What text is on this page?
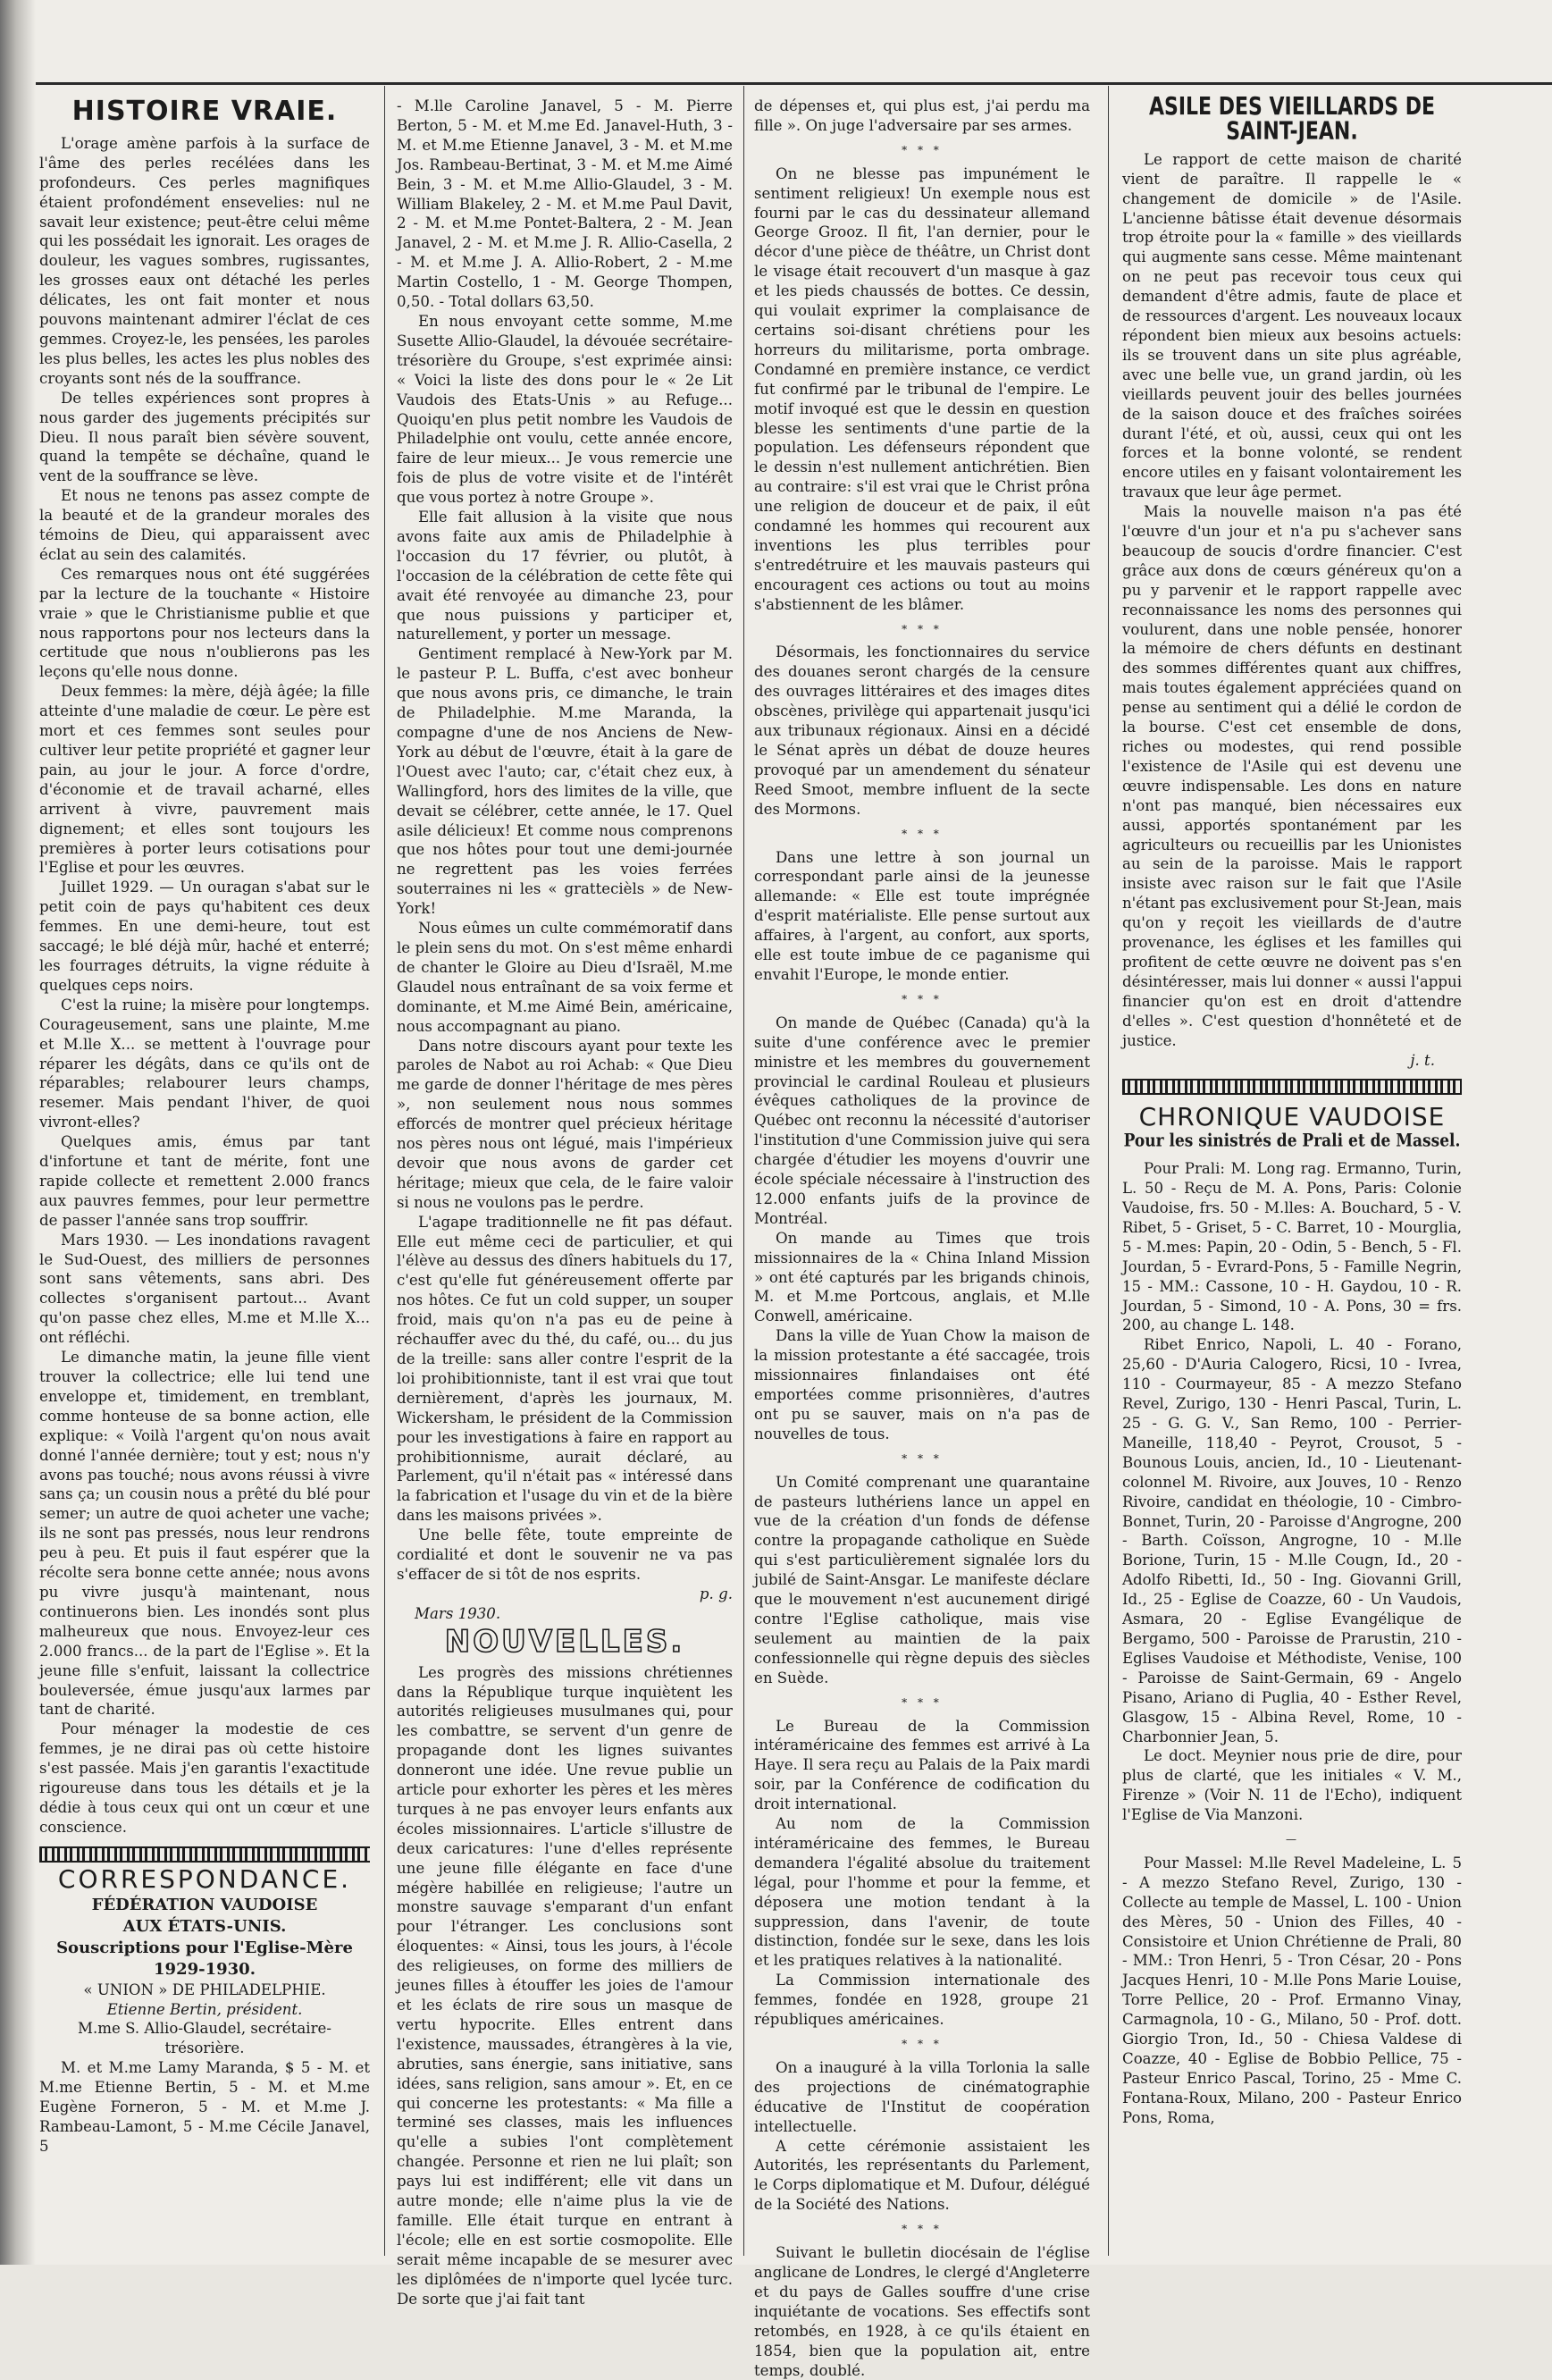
HISTOIRE VRAIE.

L'orage amène parfois à la surface de l'âme des perles recélées dans les profondeurs. Ces perles magnifiques étaient profondément ensevelies: nul ne savait leur existence; peut-être celui même qui les possédait les ignorait. Les orages de douleur, les vagues sombres, rugissantes, les grosses eaux ont détaché les perles délicates, les ont fait monter et nous pouvons maintenant admirer l'éclat de ces gemmes. Croyez-le, les pensées, les paroles les plus belles, les actes les plus nobles des croyants sont nés de la souffrance.

De telles expériences sont propres à nous garder des jugements précipités sur Dieu. Il nous paraît bien sévère souvent, quand la tempête se déchaîne, quand le vent de la souffrance se lève.

Et nous ne tenons pas assez compte de la beauté et de la grandeur morales des témoins de Dieu, qui apparaissent avec éclat au sein des calamités.

Ces remarques nous ont été suggérées par la lecture de la touchante « Histoire vraie » que le Christianisme publie et que nous rapportons pour nos lecteurs dans la certitude que nous n'oublierons pas les leçons qu'elle nous donne.

Deux femmes: la mère, déjà âgée; la fille atteinte d'une maladie de cœur. Le père est mort et ces femmes sont seules pour cultiver leur petite propriété et gagner leur pain, au jour le jour. A force d'ordre, d'économie et de travail acharné, elles arrivent à vivre, pauvrement mais dignement; et elles sont toujours les premières à porter leurs cotisations pour l'Eglise et pour les œuvres.

Juillet 1929. — Un ouragan s'abat sur le petit coin de pays qu'habitent ces deux femmes. En une demi-heure, tout est saccagé; le blé déjà mûr, haché et enterré; les fourrages détruits, la vigne réduite à quelques ceps noirs.

C'est la ruine; la misère pour longtemps. Courageusement, sans une plainte, M.me et M.lle X... se mettent à l'ouvrage pour réparer les dégâts, dans ce qu'ils ont de réparables; relabourer leurs champs, resemer. Mais pendant l'hiver, de quoi vivront-elles?

Quelques amis, émus par tant d'infortune et tant de mérite, font une rapide collecte et remettent 2.000 francs aux pauvres femmes, pour leur permettre de passer l'année sans trop souffrir.

Mars 1930. — Les inondations ravagent le Sud-Ouest, des milliers de personnes sont sans vêtements, sans abri. Des collectes s'organisent partout... Avant qu'on passe chez elles, M.me et M.lle X... ont réfléchi.

Le dimanche matin, la jeune fille vient trouver la collectrice; elle lui tend une enveloppe et, timidement, en tremblant, comme honteuse de sa bonne action, elle explique: « Voilà l'argent qu'on nous avait donné l'année dernière; tout y est; nous n'y avons pas touché; nous avons réussi à vivre sans ça; un cousin nous a prêté du blé pour semer; un autre de quoi acheter une vache; ils ne sont pas pressés, nous leur rendrons peu à peu. Et puis il faut espérer que la récolte sera bonne cette année; nous avons pu vivre jusqu'à maintenant, nous continuerons bien. Les inondés sont plus malheureux que nous. Envoyez-leur ces 2.000 francs... de la part de l'Eglise ». Et la jeune fille s'enfuit, laissant la collectrice bouleversée, émue jusqu'aux larmes par tant de charité.

Pour ménager la modestie de ces femmes, je ne dirai pas où cette histoire s'est passée. Mais j'en garantis l'exactitude rigoureuse dans tous les détails et je la dédie à tous ceux qui ont un cœur et une conscience.

CORRESPONDANCE.
FÉDÉRATION VAUDOISE
AUX ÉTATS-UNIS.
Souscriptions pour l'Eglise-Mère
1929-1930.
« UNION » DE PHILADELPHIE.
Etienne Bertin, président.
M.me S. Allio-Glaudel, secrétaire-trésorière.

M. et M.me Lamy Maranda, $ 5 - M. et M.me Etienne Bertin, 5 - M. et M.me Eugène Forneron, 5 - M. et M.me J. Rambeau-Lamont, 5 - M.me Cécile Janavel, 5

- M.lle Caroline Janavel, 5 - M. Pierre Berton, 5 - M. et M.me Ed. Janavel-Huth, 3 - M. et M.me Etienne Janavel, 3 - M. et M.me Jos. Rambeau-Bertinat, 3 - M. et M.me Aimé Bein, 3 - M. et M.me Allio-Glaudel, 3 - M. William Blakeley, 2 - M. et M.me Paul Davit, 2 - M. et M.me Pontet-Baltera, 2 - M. Jean Janavel, 2 - M. et M.me J. R. Allio-Casella, 2 - M. et M.me J. A. Allio-Robert, 2 - M.me Martin Costello, 1 - M. George Thompen, 0,50. - Total dollars 63,50.

En nous envoyant cette somme, M.me Susette Allio-Glaudel, la dévouée secrétaire-trésorière du Groupe, s'est exprimée ainsi: « Voici la liste des dons pour le « 2e Lit Vaudois des Etats-Unis » au Refuge... Quoiqu'en plus petit nombre les Vaudois de Philadelphie ont voulu, cette année encore, faire de leur mieux... Je vous remercie une fois de plus de votre visite et de l'intérêt que vous portez à notre Groupe ».

Elle fait allusion à la visite que nous avons faite aux amis de Philadelphie à l'occasion du 17 février, ou plutôt, à l'occasion de la célébration de cette fête qui avait été renvoyée au dimanche 23, pour que nous puissions y participer et, naturellement, y porter un message.

Gentiment remplacé à New-York par M. le pasteur P. L. Buffa, c'est avec bonheur que nous avons pris, ce dimanche, le train de Philadelphie. M.me Maranda, la compagne d'une de nos Anciens de New-York au début de l'œuvre, était à la gare de l'Ouest avec l'auto; car, c'était chez eux, à Wallingford, hors des limites de la ville, que devait se célébrer, cette année, le 17. Quel asile délicieux! Et comme nous comprenons que nos hôtes pour tout une demi-journée ne regrettent pas les voies ferrées souterraines ni les « grattecièls » de New-York!

Nous eûmes un culte commémoratif dans le plein sens du mot. On s'est même enhardi de chanter le Gloire au Dieu d'Israël, M.me Glaudel nous entraînant de sa voix ferme et dominante, et M.me Aimé Bein, américaine, nous accompagnant au piano.

Dans notre discours ayant pour texte les paroles de Nabot au roi Achab: « Que Dieu me garde de donner l'héritage de mes pères », non seulement nous nous sommes efforcés de montrer quel précieux héritage nos pères nous ont légué, mais l'impérieux devoir que nous avons de garder cet héritage; mieux que cela, de le faire valoir si nous ne voulons pas le perdre.

L'agape traditionnelle ne fit pas défaut. Elle eut même ceci de particulier, et qui l'élève au dessus des dîners habituels du 17, c'est qu'elle fut généreusement offerte par nos hôtes. Ce fut un cold supper, un souper froid, mais qu'on n'a pas eu de peine à réchauffer avec du thé, du café, ou... du jus de la treille: sans aller contre l'esprit de la loi prohibitionniste, tant il est vrai que tout dernièrement, d'après les journaux, M. Wickersham, le président de la Commission pour les investigations à faire en rapport au prohibitionnisme, aurait déclaré, au Parlement, qu'il n'était pas « intéressé dans la fabrication et l'usage du vin et de la bière dans les maisons privées ».

Une belle fête, toute empreinte de cordialité et dont le souvenir ne va pas s'effacer de si tôt de nos esprits.

p. g.
Mars 1930.
NOUVELLES.

Les progrès des missions chrétiennes dans la République turque inquiètent les autorités religieuses musulmanes qui, pour les combattre, se servent d'un genre de propagande dont les lignes suivantes donneront une idée. Une revue publie un article pour exhorter les pères et les mères turques à ne pas envoyer leurs enfants aux écoles missionnaires. L'article s'illustre de deux caricatures: l'une d'elles représente une jeune fille élégante en face d'une mégère habillée en religieuse; l'autre un monstre sauvage s'emparant d'un enfant pour l'étranger. Les conclusions sont éloquentes: « Ainsi, tous les jours, à l'école des religieuses, on forme des milliers de jeunes filles à étouffer les joies de l'amour et les éclats de rire sous un masque de vertu hypocrite. Elles entrent dans l'existence, maussades, étrangères à la vie, abruties, sans énergie, sans initiative, sans idées, sans religion, sans amour ». Et, en ce qui concerne les protestants: « Ma fille a terminé ses classes, mais les influences qu'elle a subies l'ont complètement changée. Personne et rien ne lui plaît; son pays lui est indifférent; elle vit dans un autre monde; elle n'aime plus la vie de famille. Elle était turque en entrant à l'école; elle en est sortie cosmopolite. Elle serait même incapable de se mesurer avec les diplômées de n'importe quel lycée turc. De sorte que j'ai fait tant

de dépenses et, qui plus est, j'ai perdu ma fille ». On juge l'adversaire par ses armes.

* * *

On ne blesse pas impunément le sentiment religieux! Un exemple nous est fourni par le cas du dessinateur allemand George Grooz. Il fit, l'an dernier, pour le décor d'une pièce de théâtre, un Christ dont le visage était recouvert d'un masque à gaz et les pieds chaussés de bottes. Ce dessin, qui voulait exprimer la complaisance de certains soi-disant chrétiens pour les horreurs du militarisme, porta ombrage. Condamné en première instance, ce verdict fut confirmé par le tribunal de l'empire. Le motif invoqué est que le dessin en question blesse les sentiments d'une partie de la population. Les défenseurs répondent que le dessin n'est nullement antichrétien. Bien au contraire: s'il est vrai que le Christ prôna une religion de douceur et de paix, il eût condamné les hommes qui recourent aux inventions les plus terribles pour s'entredétruire et les mauvais pasteurs qui encouragent ces actions ou tout au moins s'abstiennent de les blâmer.

* * *

Désormais, les fonctionnaires du service des douanes seront chargés de la censure des ouvrages littéraires et des images dites obscènes, privilège qui appartenait jusqu'ici aux tribunaux régionaux. Ainsi en a décidé le Sénat après un débat de douze heures provoqué par un amendement du sénateur Reed Smoot, membre influent de la secte des Mormons.

* * *

Dans une lettre à son journal un correspondant parle ainsi de la jeunesse allemande: « Elle est toute imprégnée d'esprit matérialiste. Elle pense surtout aux affaires, à l'argent, au confort, aux sports, elle est toute imbue de ce paganisme qui envahit l'Europe, le monde entier.

* * *

On mande de Québec (Canada) qu'à la suite d'une conférence avec le premier ministre et les membres du gouvernement provincial le cardinal Rouleau et plusieurs évêques catholiques de la province de Québec ont reconnu la nécessité d'autoriser l'institution d'une Commission juive qui sera chargée d'étudier les moyens d'ouvrir une école spéciale nécessaire à l'instruction des 12.000 enfants juifs de la province de Montréal.

On mande au Times que trois missionnaires de la « China Inland Mission » ont été capturés par les brigands chinois, M. et M.me Portcous, anglais, et M.lle Conwell, américaine.

Dans la ville de Yuan Chow la maison de la mission protestante a été saccagée, trois missionnaires finlandaises ont été emportées comme prisonnières, d'autres ont pu se sauver, mais on n'a pas de nouvelles de tous.

* * *

Un Comité comprenant une quarantaine de pasteurs luthériens lance un appel en vue de la création d'un fonds de défense contre la propagande catholique en Suède qui s'est particulièrement signalée lors du jubilé de Saint-Ansgar. Le manifeste déclare que le mouvement n'est aucunement dirigé contre l'Eglise catholique, mais vise seulement au maintien de la paix confessionnelle qui règne depuis des siècles en Suède.

* * *

Le Bureau de la Commission intéraméricaine des femmes est arrivé à La Haye. Il sera reçu au Palais de la Paix mardi soir, par la Conférence de codification du droit international.

Au nom de la Commission intéraméricaine des femmes, le Bureau demandera l'égalité absolue du traitement légal, pour l'homme et pour la femme, et déposera une motion tendant à la suppression, dans l'avenir, de toute distinction, fondée sur le sexe, dans les lois et les pratiques relatives à la nationalité.

La Commission internationale des femmes, fondée en 1928, groupe 21 républiques américaines.

* * *

On a inauguré à la villa Torlonia la salle des projections de cinématographie éducative de l'Institut de coopération intellectuelle.

A cette cérémonie assistaient les Autorités, les représentants du Parlement, le Corps diplomatique et M. Dufour, délégué de la Société des Nations.

* * *

Suivant le bulletin diocésain de l'église anglicane de Londres, le clergé d'Angleterre et du pays de Galles souffre d'une crise inquiétante de vocations. Ses effectifs sont retombés, en 1928, à ce qu'ils étaient en 1854, bien que la population ait, entre temps, doublé.

ASILE DES VIEILLARDS DE SAINT-JEAN.

Le rapport de cette maison de charité vient de paraître. Il rappelle le « changement de domicile » de l'Asile. L'ancienne bâtisse était devenue désormais trop étroite pour la « famille » des vieillards qui augmente sans cesse. Même maintenant on ne peut pas recevoir tous ceux qui demandent d'être admis, faute de place et de ressources d'argent. Les nouveaux locaux répondent bien mieux aux besoins actuels: ils se trouvent dans un site plus agréable, avec une belle vue, un grand jardin, où les vieillards peuvent jouir des belles journées de la saison douce et des fraîches soirées durant l'été, et où, aussi, ceux qui ont les forces et la bonne volonté, se rendent encore utiles en y faisant volontairement les travaux que leur âge permet.

Mais la nouvelle maison n'a pas été l'œuvre d'un jour et n'a pu s'achever sans beaucoup de soucis d'ordre financier. C'est grâce aux dons de cœurs généreux qu'on a pu y parvenir et le rapport rappelle avec reconnaissance les noms des personnes qui voulurent, dans une noble pensée, honorer la mémoire de chers défunts en destinant des sommes différentes quant aux chiffres, mais toutes également appréciées quand on pense au sentiment qui a délié le cordon de la bourse. C'est cet ensemble de dons, riches ou modestes, qui rend possible l'existence de l'Asile qui est devenu une œuvre indispensable. Les dons en nature n'ont pas manqué, bien nécessaires eux aussi, apportés spontanément par les agriculteurs ou recueillis par les Unionistes au sein de la paroisse. Mais le rapport insiste avec raison sur le fait que l'Asile n'étant pas exclusivement pour St-Jean, mais qu'on y reçoit les vieillards de d'autre provenance, les églises et les familles qui profitent de cette œuvre ne doivent pas s'en désintéresser, mais lui donner « aussi l'appui financier qu'on est en droit d'attendre d'elles ». C'est question d'honnêteté et de justice.

j. t.
CHRONIQUE VAUDOISE
Pour les sinistrés de Prali et de Massel.

Pour Prali: M. Long rag. Ermanno, Turin, L. 50 - Reçu de M. A. Pons, Paris: Colonie Vaudoise, frs. 50 - M.lles: A. Bouchard, 5 - V. Ribet, 5 - Griset, 5 - C. Barret, 10 - Mourglia, 5 - M.mes: Papin, 20 - Odin, 5 - Bench, 5 - Fl. Jourdan, 5 - Evrard-Pons, 5 - Famille Negrin, 15 - MM.: Cassone, 10 - H. Gaydou, 10 - R. Jourdan, 5 - Simond, 10 - A. Pons, 30 = frs. 200, au change L. 148.

Ribet Enrico, Napoli, L. 40 - Forano, 25,60 - D'Auria Calogero, Ricsi, 10 - Ivrea, 110 - Courmayeur, 85 - A mezzo Stefano Revel, Zurigo, 130 - Henri Pascal, Turin, L. 25 - G. G. V., San Remo, 100 - Perrier-Maneille, 118,40 - Peyrot, Crousot, 5 - Bounous Louis, ancien, Id., 10 - Lieutenant-colonnel M. Rivoire, aux Jouves, 10 - Renzo Rivoire, candidat en théologie, 10 - Cimbro-Bonnet, Turin, 20 - Paroisse d'Angrogne, 200 - Barth. Coïsson, Angrogne, 10 - M.lle Borione, Turin, 15 - M.lle Cougn, Id., 20 - Adolfo Ribetti, Id., 50 - Ing. Giovanni Grill, Id., 25 - Eglise de Coazze, 60 - Un Vaudois, Asmara, 20 - Eglise Evangélique de Bergamo, 500 - Paroisse de Prarustin, 210 - Eglises Vaudoise et Méthodiste, Venise, 100 - Paroisse de Saint-Germain, 69 - Angelo Pisano, Ariano di Puglia, 40 - Esther Revel, Glasgow, 15 - Albina Revel, Rome, 10 - Charbonnier Jean, 5.

Le doct. Meynier nous prie de dire, pour plus de clarté, que les initiales « V. M., Firenze » (Voir N. 11 de l'Echo), indiquent l'Eglise de Via Manzoni.

—

Pour Massel: M.lle Revel Madeleine, L. 5 - A mezzo Stefano Revel, Zurigo, 130 - Collecte au temple de Massel, L. 100 - Union des Mères, 50 - Union des Filles, 40 - Consistoire et Union Chrétienne de Prali, 80 - MM.: Tron Henri, 5 - Tron César, 20 - Pons Jacques Henri, 10 - M.lle Pons Marie Louise, Torre Pellice, 20 - Prof. Ermanno Vinay, Carmagnola, 10 - G., Milano, 50 - Prof. dott. Giorgio Tron, Id., 50 - Chiesa Valdese di Coazze, 40 - Eglise de Bobbio Pellice, 75 - Pasteur Enrico Pascal, Torino, 25 - Mme C. Fontana-Roux, Milano, 200 - Pasteur Enrico Pons, Roma,
